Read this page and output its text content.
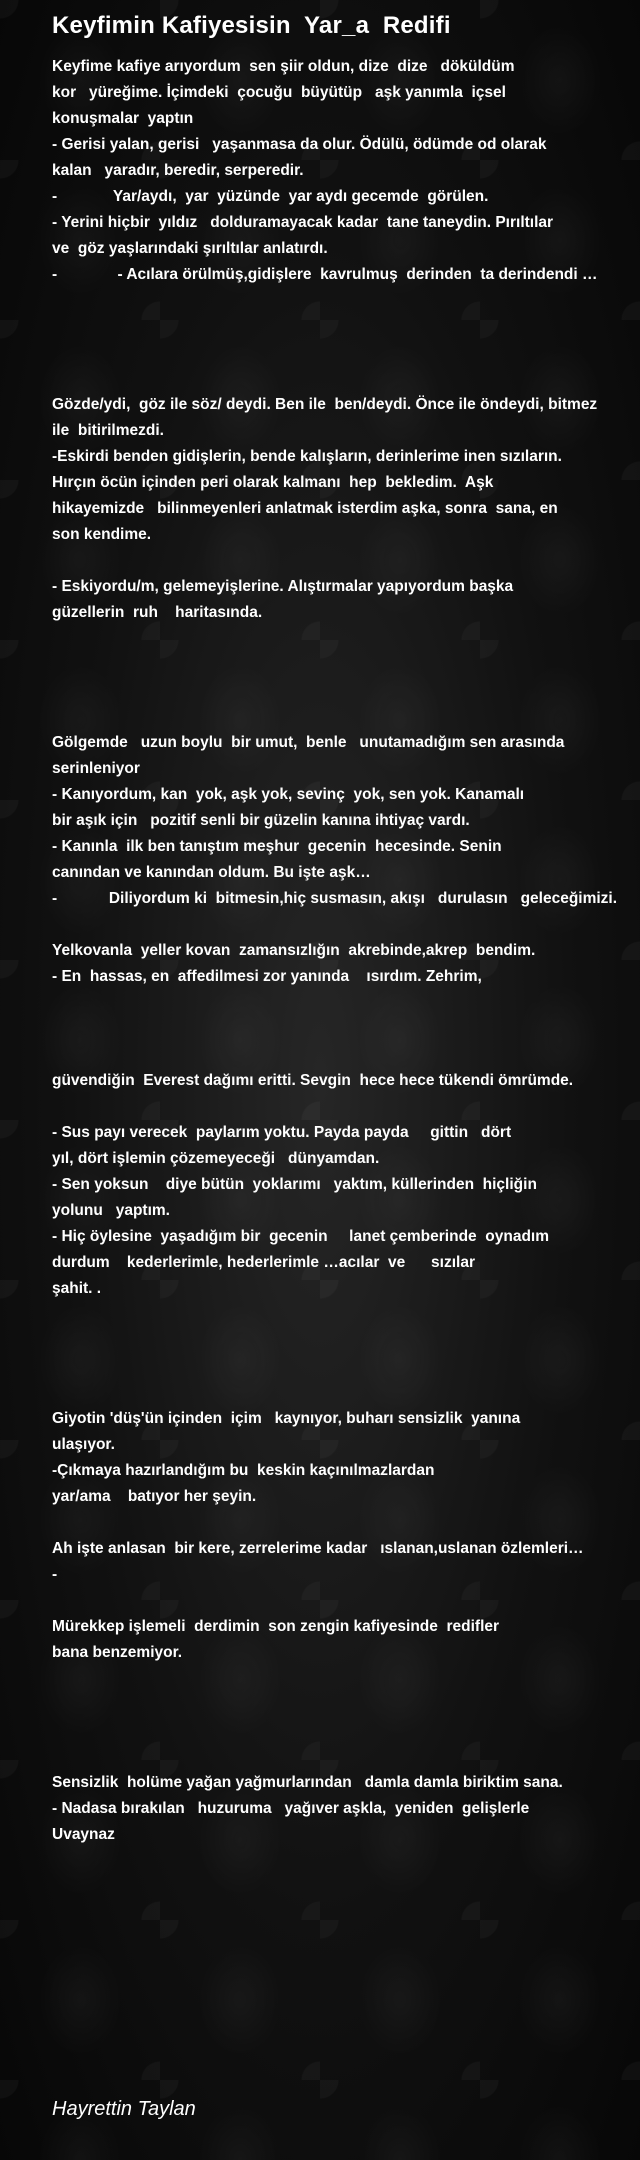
Keyfimin Kafiyesisin  Yar_a  Redifi
Keyfime kafiye arıyordum  sen şiir oldun, dize  dize   döküldüm
kor   yüreğime. İçimdeki  çocuğu  büyütüp   aşk yanımla  içsel
konuşmalar  yaptın
- Gerisi yalan, gerisi   yaşanmasa da olur. Ödülü, ödümde od olarak
kalan   yaradır, beredir, serperedir.
-             Yar/aydı,  yar  yüzünde  yar aydı gecemde  görülen.
- Yerini hiçbir  yıldız   dolduramayacak kadar  tane taneydin. Pırıltılar
ve  göz yaşlarındaki şırıltılar anlatırdı.
-              - Acılara örülmüş,gidişlere  kavrulmuş  derinden  ta derindendi …
Gözde/ydi,  göz ile söz/ deydi. Ben ile  ben/deydi. Önce ile öndeydi, bitmez
ile  bitirilmezdi.
-Eskirdi benden gidişlerin, bende kalışların, derinlerime inen sızıların.
Hırçın öcün içinden peri olarak kalmanı  hep  bekledim.  Aşk
hikayemizde   bilinmeyenleri anlatmak isterdim aşka, sonra  sana, en
son kendime.
- Eskiyordu/m, gelemeyişlerine. Alıştırmalar yapıyordum başka
güzellerin  ruh    haritasında.
Gölgemde   uzun boylu  bir umut,  benle   unutamadığım sen arasında
serinleniyor
- Kanıyordum, kan  yok, aşk yok, sevinç  yok, sen yok. Kanamalı
bir aşık için   pozitif senli bir güzelin kanına ihtiyaç vardı.
- Kanınla  ilk ben tanıştım meşhur  gecenin  hecesinde. Senin
canından ve kanından oldum. Bu işte aşk…
-            Diliyordum ki  bitmesin,hiç susmasın, akışı   durulasın   geleceğimizi.
Yelkovanla  yeller kovan  zamansızlığın  akrebinde,akrep  bendim.
- En  hassas, en  affedilmesi zor yanında    ısırdım. Zehrim,
güvendiğin  Everest dağımı eritti. Sevgin  hece hece tükendi ömrümde.
- Sus payı verecek  paylarım yoktu. Payda payda     gittin   dört
yıl, dört işlemin çözemeyeceği   dünyamdan.
- Sen yoksun    diye bütün  yoklarımı   yaktım, küllerinden  hiçliğin
yolunu   yaptım.
- Hiç öylesine  yaşadığım bir  gecenin     lanet çemberinde  oynadım
durdum    kederlerimle, hederlerimle …acılar  ve      sızılar
şahit. .
Giyotin 'düş'ün içinden  içim   kaynıyor, buharı sensizlik  yanına
ulaşıyor.
-Çıkmaya hazırlandığım bu  keskin kaçınılmazlardan
yar/ama    batıyor her şeyin.
Ah işte anlasan  bir kere, zerrelerime kadar   ıslanan,uslanan özlemleri…
-
Mürekkep işlemeli  derdimin  son zengin kafiyesinde  redifler
bana benzemiyor.
Sensizlik  holüme yağan yağmurlarından   damla damla biriktim sana.
- Nadasa bırakılan   huzuruma   yağıver aşkla,  yeniden  gelişlerle
Uvaynaz
Hayrettin Taylan
